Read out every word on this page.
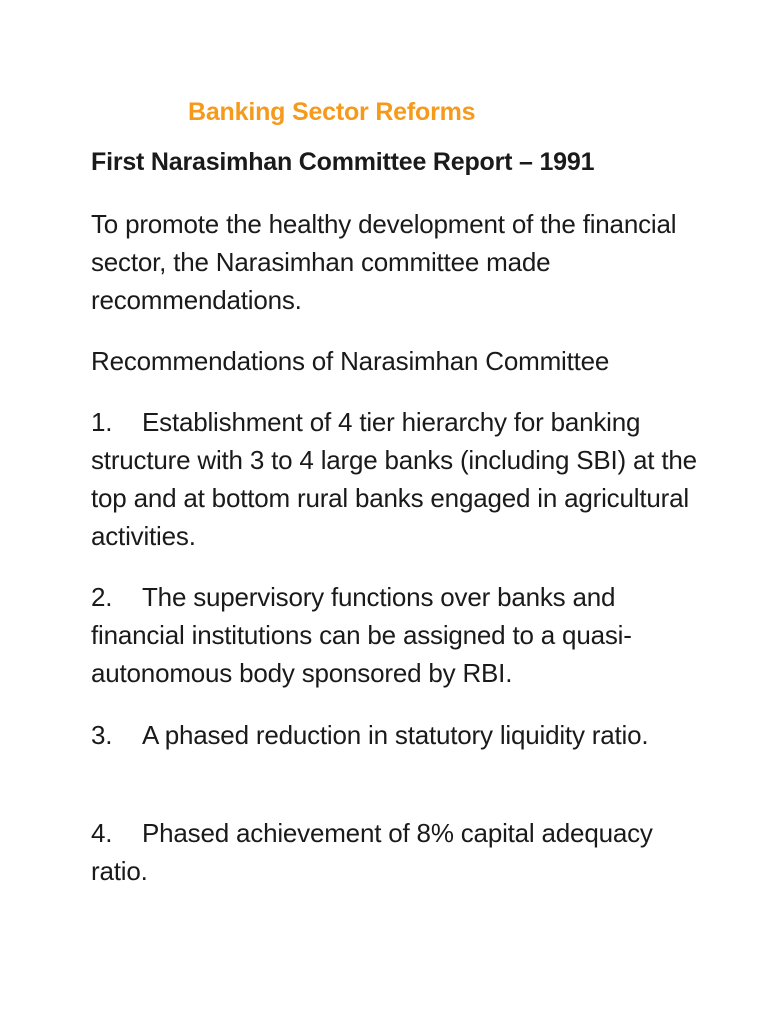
Banking Sector Reforms
First Narasimhan Committee Report – 1991
To promote the healthy development of the financial sector, the Narasimhan committee made recommendations.
Recommendations of Narasimhan Committee
1. Establishment of 4 tier hierarchy for banking structure with 3 to 4 large banks (including SBI) at the top and at bottom rural banks engaged in agricultural activities.
2. The supervisory functions over banks and financial institutions can be assigned to a quasi-autonomous body sponsored by RBI.
3. A phased reduction in statutory liquidity ratio.
4. Phased achievement of 8% capital adequacy ratio.
